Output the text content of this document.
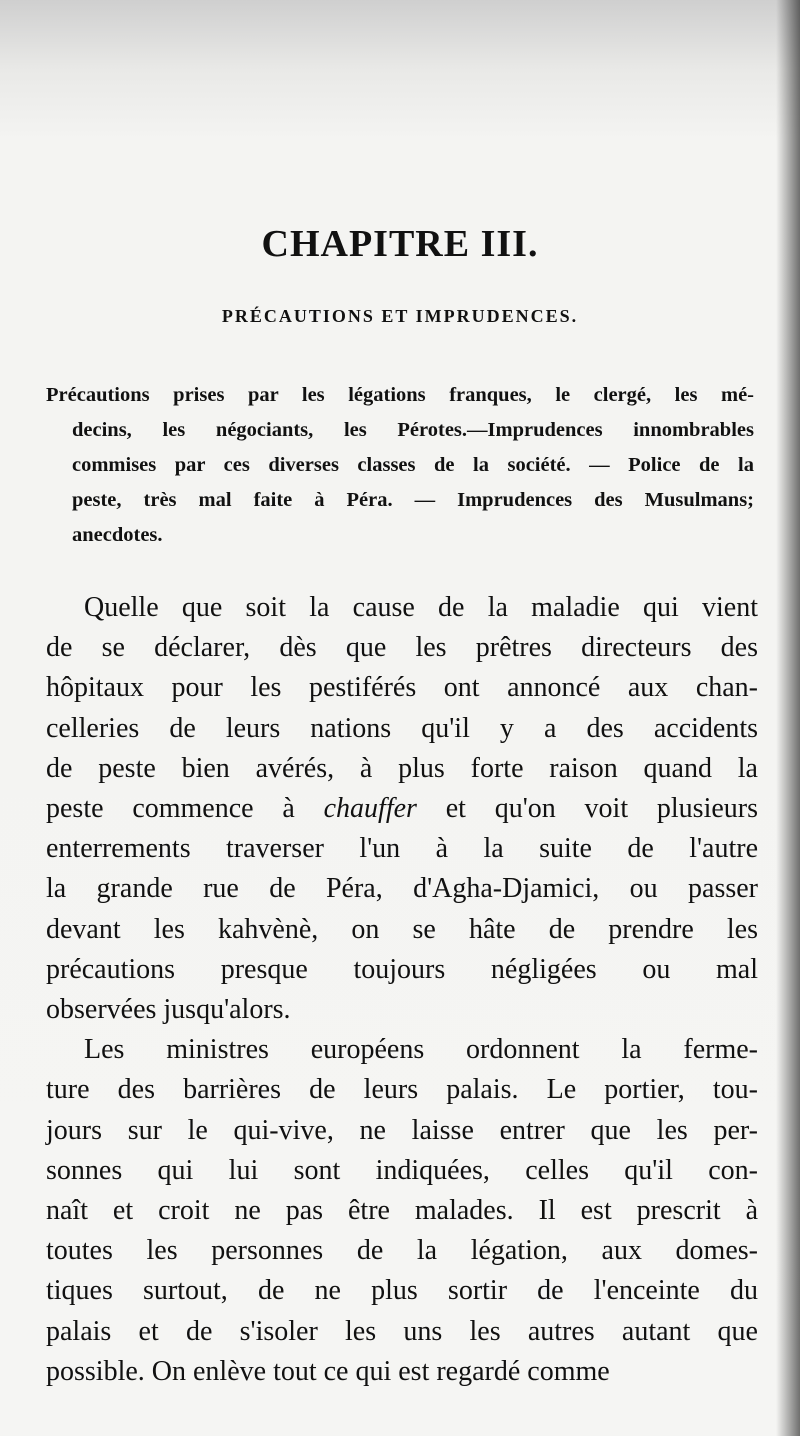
CHAPITRE III.
PRÉCAUTIONS ET IMPRUDENCES.
Précautions prises par les légations franques, le clergé, les mé-
decins, les négociants, les Pérotes.—Imprudences innombrables
commises par ces diverses classes de la société. — Police de la
peste, très mal faite à Péra. — Imprudences des Musulmans;
anecdotes.
Quelle que soit la cause de la maladie qui vient
de se déclarer, dès que les prêtres directeurs des
hôpitaux pour les pestiférés ont annoncé aux chan-
celleries de leurs nations qu'il y a des accidents
de peste bien avérés, à plus forte raison quand la
peste commence à chauffer et qu'on voit plusieurs
enterrements traverser l'un à la suite de l'autre
la grande rue de Péra, d'Agha-Djamici, ou passer
devant les kahvènè, on se hâte de prendre les
précautions presque toujours négligées ou mal
observées jusqu'alors.
Les ministres européens ordonnent la ferme-
ture des barrières de leurs palais. Le portier, tou-
jours sur le qui-vive, ne laisse entrer que les per-
sonnes qui lui sont indiquées, celles qu'il con-
naît et croit ne pas être malades. Il est prescrit à
toutes les personnes de la légation, aux domes-
tiques surtout, de ne plus sortir de l'enceinte du
palais et de s'isoler les uns les autres autant que
possible. On enlève tout ce qui est regardé comme
